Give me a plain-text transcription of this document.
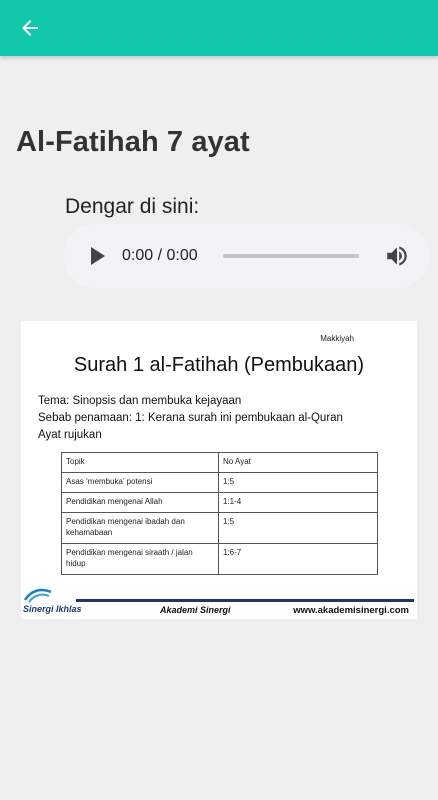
Al-Fatihah 7 ayat
Dengar di sini:
0:00 / 0:00
Makkiyah
Surah 1 al-Fatihah (Pembukaan)
Tema: Sinopsis dan membuka kejayaan
Sebab penamaan: 1: Kerana surah ini pembukaan al-Quran
Ayat rujukan
Topik	No Ayat
Asas ‘membuka’ potensi	1:5
Pendidikan mengenai Allah	1:1-4
Pendidikan mengenai ibadah dan kehamabaan	1:5
Pendidikan mengenai siraath / jalan hidup	1:6-7
Sinergi Ikhlas	Akademi Sinergi	www.akademisinergi.com
